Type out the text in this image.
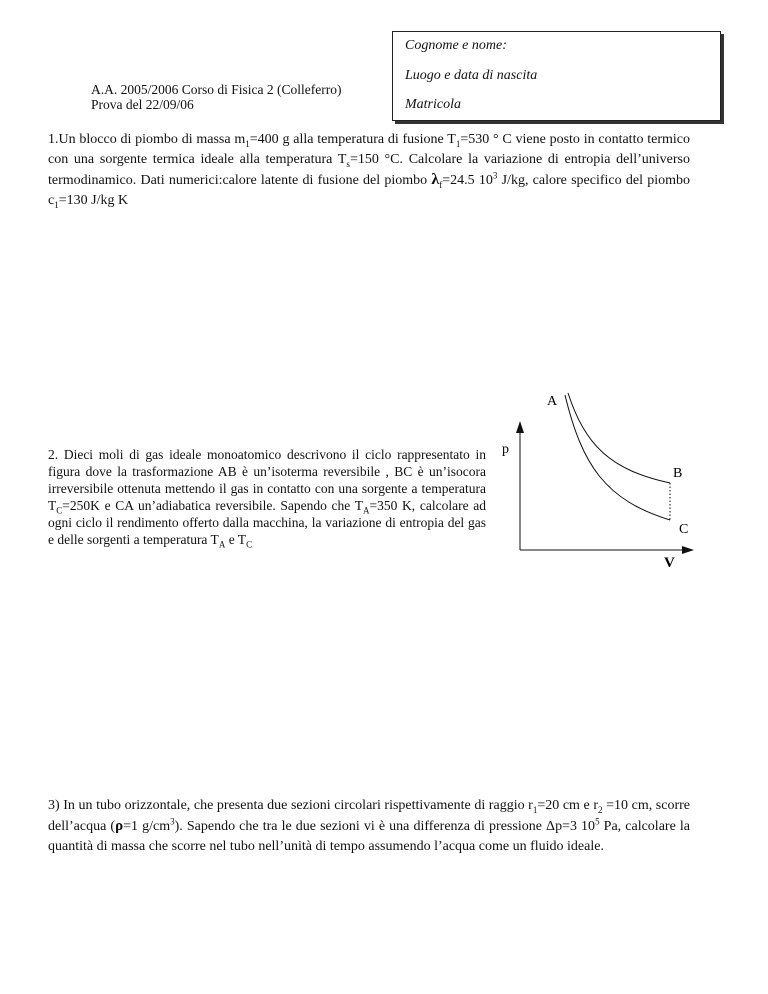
Cognome e nome:
Luogo e data di nascita
Matricola
A.A. 2005/2006 Corso di Fisica 2 (Colleferro)
Prova del 22/09/06
1.Un blocco di piombo di massa $m_1=400$ g alla temperatura di fusione $T_1=530$ ° C viene posto in contatto termico con una sorgente termica ideale alla temperatura $T_s=150$ °C. Calcolare la variazione di entropia dell’universo termodinamico. Dati numerici:calore latente di fusione del piombo $\lambda_f=24.5$ $10^3$ J/kg, calore specifico del piombo $c_1=130$ J/kg K
2. Dieci moli di gas ideale monoatomico descrivono il ciclo rappresentato in figura dove la trasformazione AB è un’isoterma reversibile , BC è un’isocora irreversibile ottenuta mettendo il gas in contatto con una sorgente a temperatura $T_C=250K$ e CA un’adiabatica reversibile. Sapendo che $T_A=350$ K, calcolare ad ogni ciclo il rendimento offerto dalla macchina, la variazione di entropia del gas e delle sorgenti a temperatura $T_A$ e $T_C$
A
B
C
p
V
3) In un tubo orizzontale, che presenta due sezioni circolari rispettivamente di raggio $r_1=20$ cm e $r_2 =10$ cm, scorre dell’acqua (ρ=1 $g/cm^3$). Sapendo che tra le due sezioni vi è una differenza di pressione Δp=3 $10^5$ Pa, calcolare la quantità di massa che scorre nel tubo nell’unità di tempo assumendo l’acqua come un fluido ideale.
